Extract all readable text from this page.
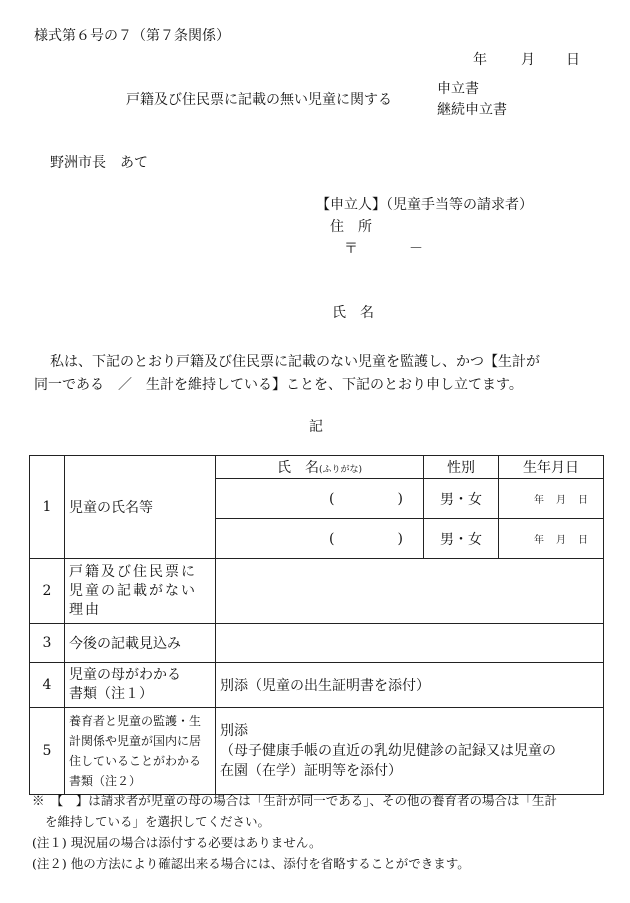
様式第６号の７（第７条関係）
年 月 日
戸籍及び住民票に記載の無い児童に関する
申立書
継続申立書
野洲市長　あて
【申立人】（児童手当等の請求者）
住　所
〒	－
氏　名
私は、下記のとおり戸籍及び住民票に記載のない児童を監護し、かつ【生計が
同一である　／　生計を維持している】ことを、下記のとおり申し立てます。
記
1	児童の氏名等	氏　名(ふりがな)	性別	生年月日
		( )	男・女	年　月　日
		( )	男・女	年　月　日
2	戸籍及び住民票に児童の記載がない理由			
3	今後の記載見込み			
4	児童の母がわかる
書類（注１）	別添（児童の出生証明書を添付）		
5	養育者と児童の監護・生計関係や児童が国内に居住していることがわかる書類（注２）	別添
（母子健康手帳の直近の乳幼児健診の記録又は児童の
在園（在学）証明等を添付）		
※　【　】は請求者が児童の母の場合は「生計が同一である」、その他の養育者の場合は「生計
を維持している」を選択してください。
(注１) 現況届の場合は添付する必要はありません。
(注２) 他の方法により確認出来る場合には、添付を省略することができます。
